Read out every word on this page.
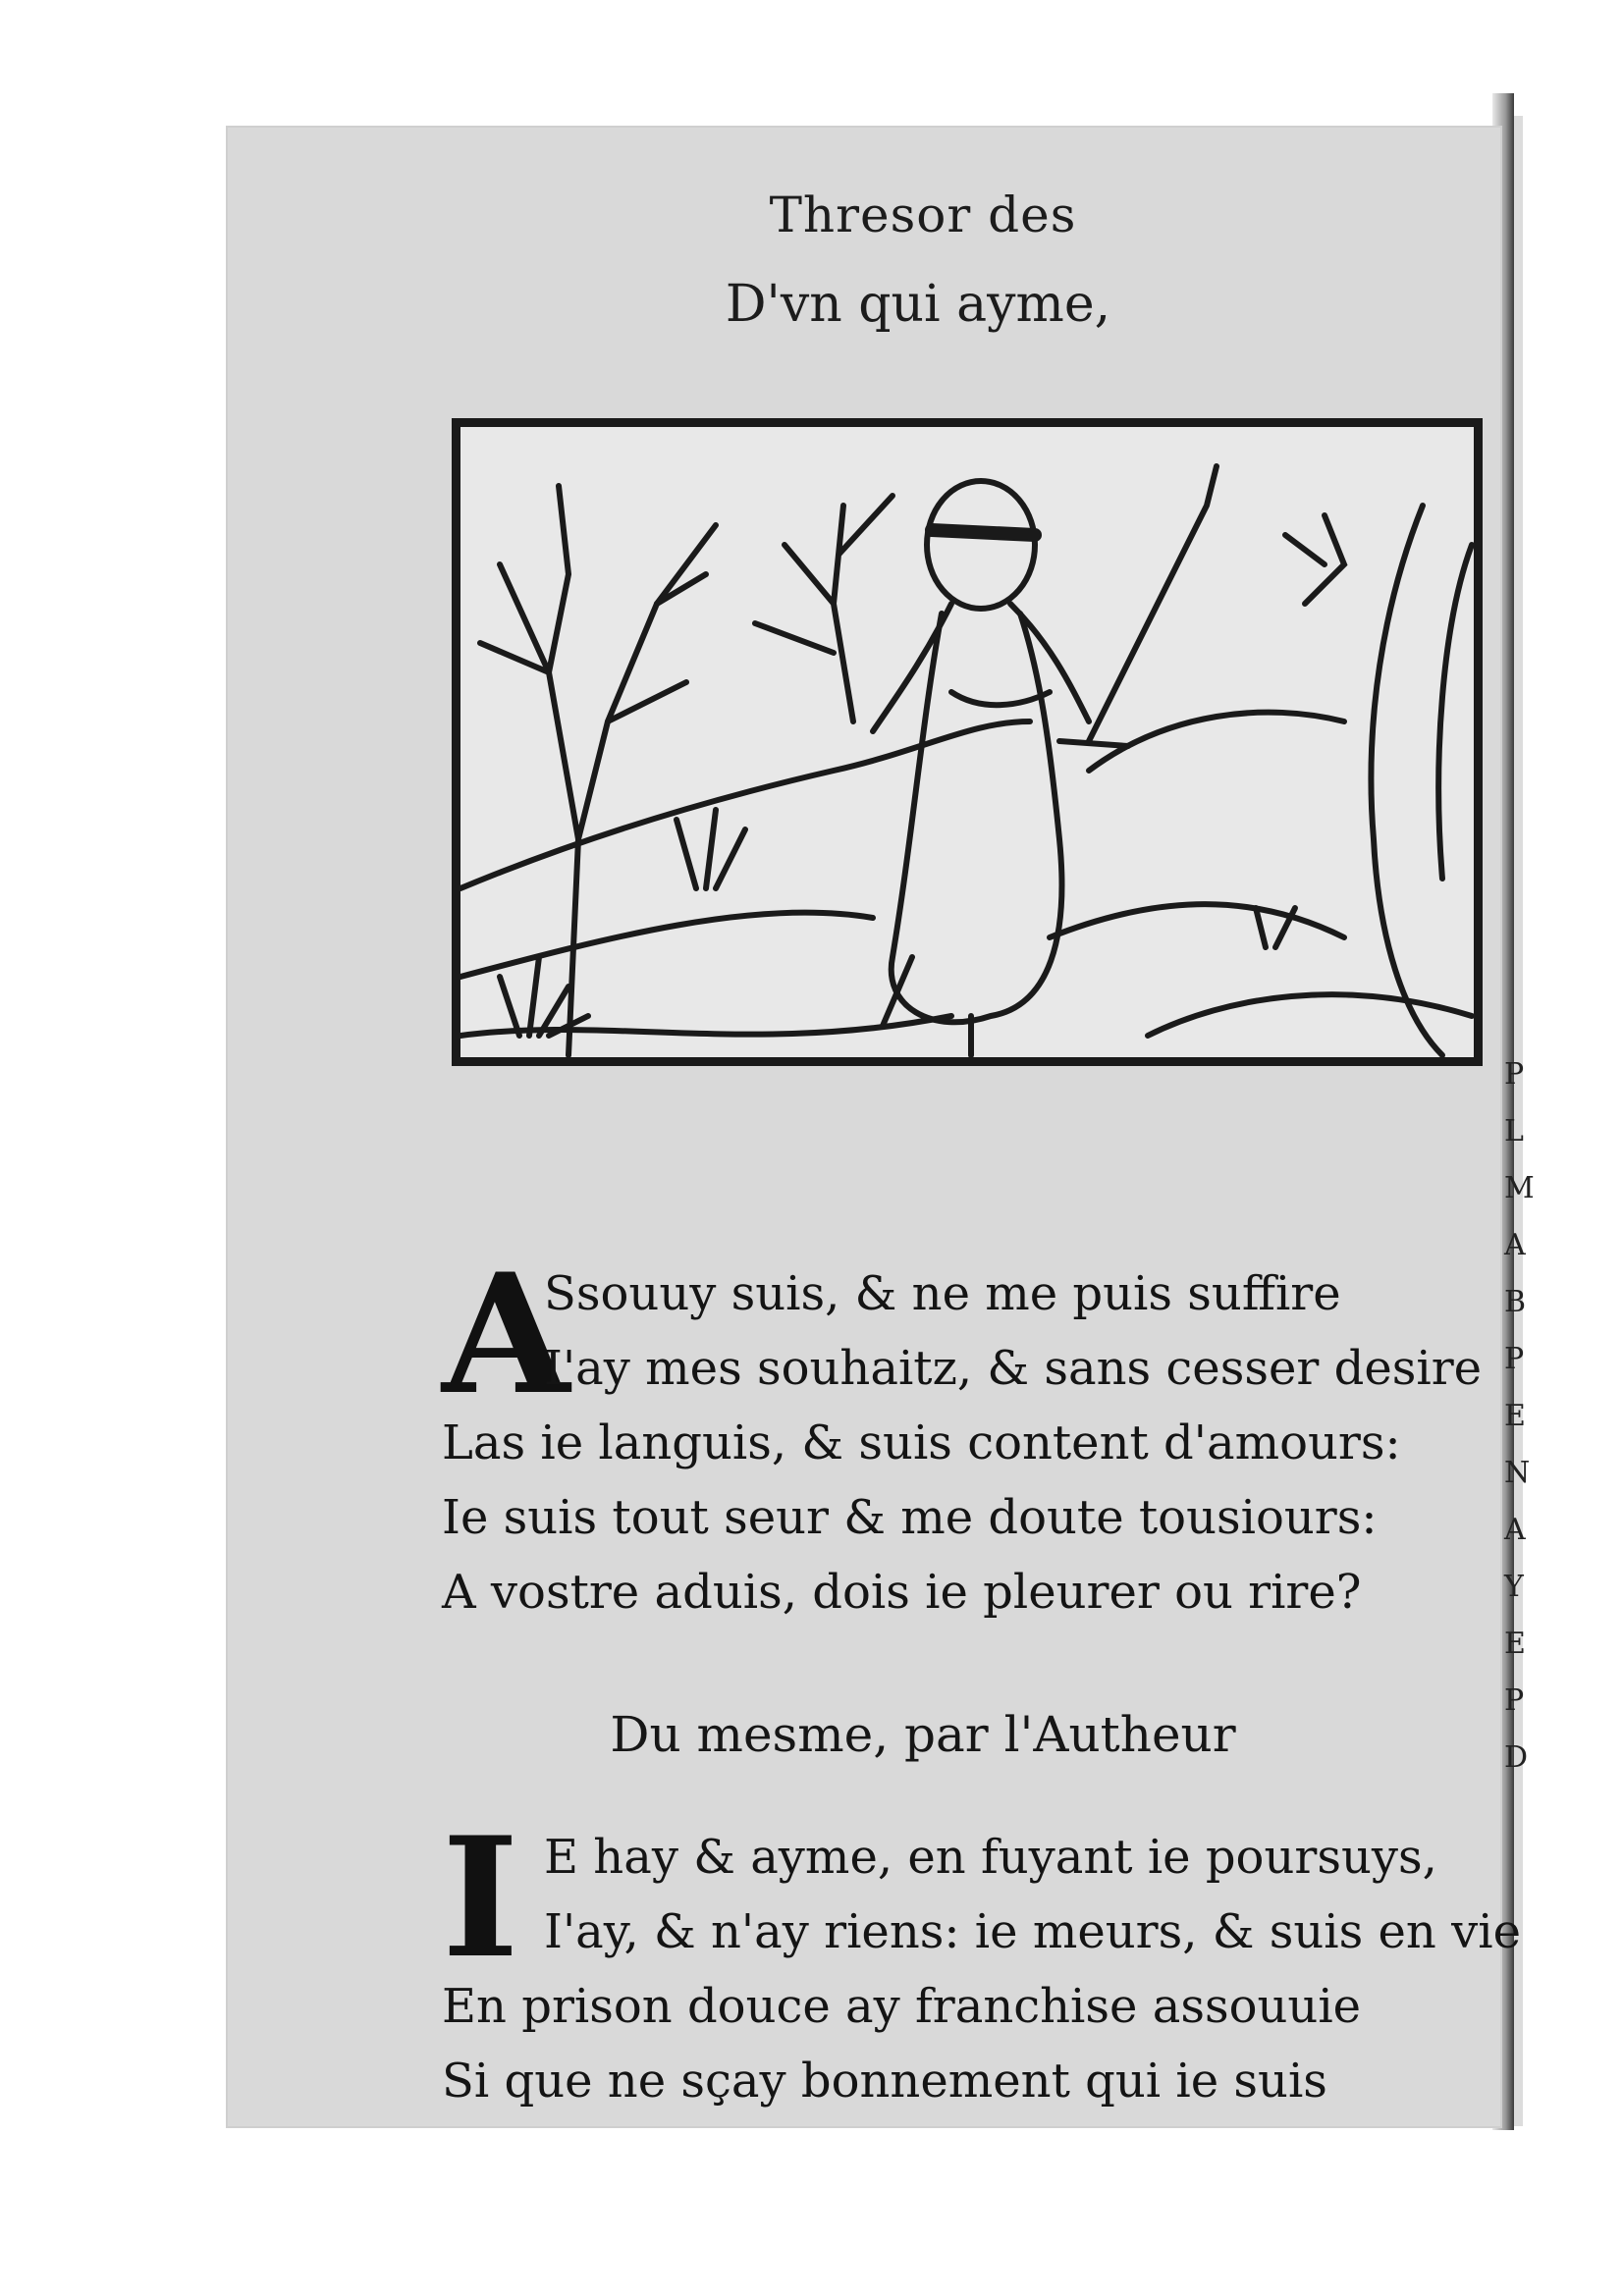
Thresor des
D'vn qui ayme,
A
Ssouuy suis, & ne me puis suffire
I'ay mes souhaitz, & sans cesser desire
Las ie languis, & suis content d'amours:
Ie suis tout seur & me doute tousiours:
A vostre aduis, dois ie pleurer ou rire?
Du mesme, par l'Autheur
I E hay & ayme, en fuyant ie poursuys,
I'ay, & n'ay riens: ie meurs, & suis en vie
En prison douce ay franchise assouuie
Si que ne sçay bonnement qui ie suis
P
L
M
A
B
P
E
N
A
Y
E
P
D
